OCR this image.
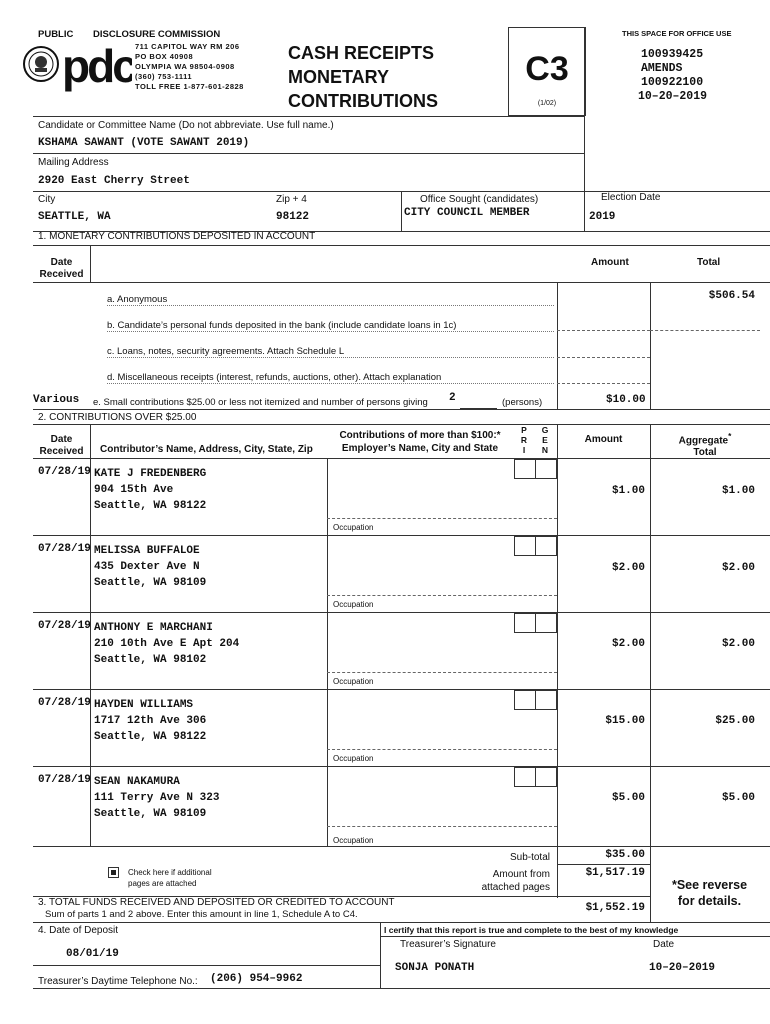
PUBLIC DISCLOSURE COMMISSION
pdc 711 CAPITOL WAY RM 206
PO BOX 40908
OLYMPIA WA 98504-0908
(360) 753-1111
TOLL FREE 1-877-601-2828
CASH RECEIPTS
MONETARY
CONTRIBUTIONS
C3
(1/02)
THIS SPACE FOR OFFICE USE
100939425
AMENDS
100922100
10–20–2019
Candidate or Committee Name (Do not abbreviate. Use full name.)
KSHAMA SAWANT (VOTE SAWANT 2019)
Mailing Address
2920 East Cherry Street
City
SEATTLE, WA
Zip + 4
98122
Office Sought (candidates)
CITY COUNCIL MEMBER
Election Date
2019
1. MONETARY CONTRIBUTIONS DEPOSITED IN ACCOUNT
Date Received
Amount	Total
a. Anonymous	$506.54
b. Candidate’s personal funds deposited in the bank (include candidate loans in 1c)
c. Loans, notes, security agreements. Attach Schedule L
d. Miscellaneous receipts (interest, refunds, auctions, other). Attach explanation
Various e. Small contributions $25.00 or less not itemized and number of persons giving 2	(persons)	$10.00
2. CONTRIBUTIONS OVER $25.00
Date Received	Contributor’s Name, Address, City, State, Zip
Contributions of more than $100:*
Employer’s Name, City and State
P R I
G E N
Amount	Aggregate*
Total
07/28/19 KATE J FREDENBERG
904 15th Ave
Seattle, WA 98122
$1.00	$1.00
Occupation
07/28/19 MELISSA BUFFALOE
435 Dexter Ave N
Seattle, WA 98109
$2.00	$2.00
Occupation
07/28/19 ANTHONY E MARCHANI
210 10th Ave E Apt 204
Seattle, WA 98102
$2.00	$2.00
Occupation
07/28/19 HAYDEN WILLIAMS
1717 12th Ave 306
Seattle, WA 98122
$15.00	$25.00
Occupation
07/28/19 SEAN NAKAMURA
111 Terry Ave N 323
Seattle, WA 98109
$5.00	$5.00
Occupation
Check here if additional
pages are attached
Sub-total	$35.00
Amount from
attached pages
$1,517.19
*See reverse
for details.
3. TOTAL FUNDS RECEIVED AND DEPOSITED OR CREDITED TO ACCOUNT
Sum of parts 1 and 2 above. Enter this amount in line 1, Schedule A to C4.
$1,552.19
4. Date of Deposit	I certify that this report is true and complete to the best of my knowledge
Treasurer’s Signature	Date
08/01/19
SONJA PONATH	10–20–2019
Treasurer’s Daytime Telephone No.: (206) 954–9962
